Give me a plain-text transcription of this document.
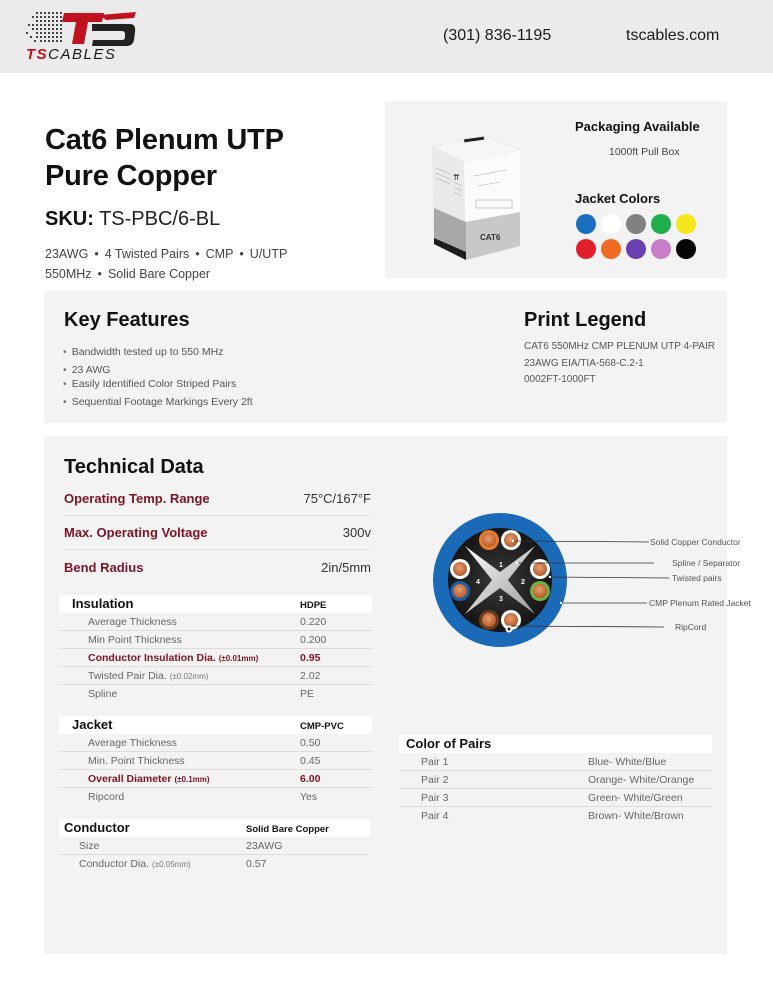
TSCABLES
(301) 836-1195	tscables.com
Cat6 Plenum UTP
Pure Copper
SKU: TS-PBC/6-BL
23AWG • 4 Twisted Pairs • CMP • U/UTP
550MHz • Solid Bare Copper
CAT6
⇈
Packaging Available
1000ft Pull Box
Jacket Colors
Key Features
• Bandwidth tested up to 550 MHz
• 23 AWG
• Easily Identified Color Striped Pairs
• Sequential Footage Markings Every 2ft
Print Legend
CAT6 550MHz CMP PLENUM UTP 4-PAIR
23AWG EIA/TIA-568-C.2-1
0002FT-1000FT
Technical Data
Operating Temp. Range	75°C/167°F
Max. Operating Voltage	300v
Bend Radius	2in/5mm
Insulation	HDPE
Average Thickness	0.220
Min Point Thickness	0.200
Conductor Insulation Dia. (±0.01mm)	0.95
Twisted Pair Dia. (±0.02mm)	2.02
Spline	PE
Jacket	CMP-PVC
Average Thickness	0.50
Min. Point Thickness	0.45
Overall Diameter (±0.1mm)	6.00
Ripcord	Yes
Conductor	Solid Bare Copper
Size	23AWG
Conductor Dia. (±0.05mm)	0.57
1
2
3
4
Solid Copper Conductor
Spline / Separator
Twisted pairs
CMP Plenum Rated Jacket
RipCord
Color of Pairs
Pair 1	Blue- White/Blue
Pair 2	Orange- White/Orange
Pair 3	Green- White/Green
Pair 4	Brown- White/Brown
